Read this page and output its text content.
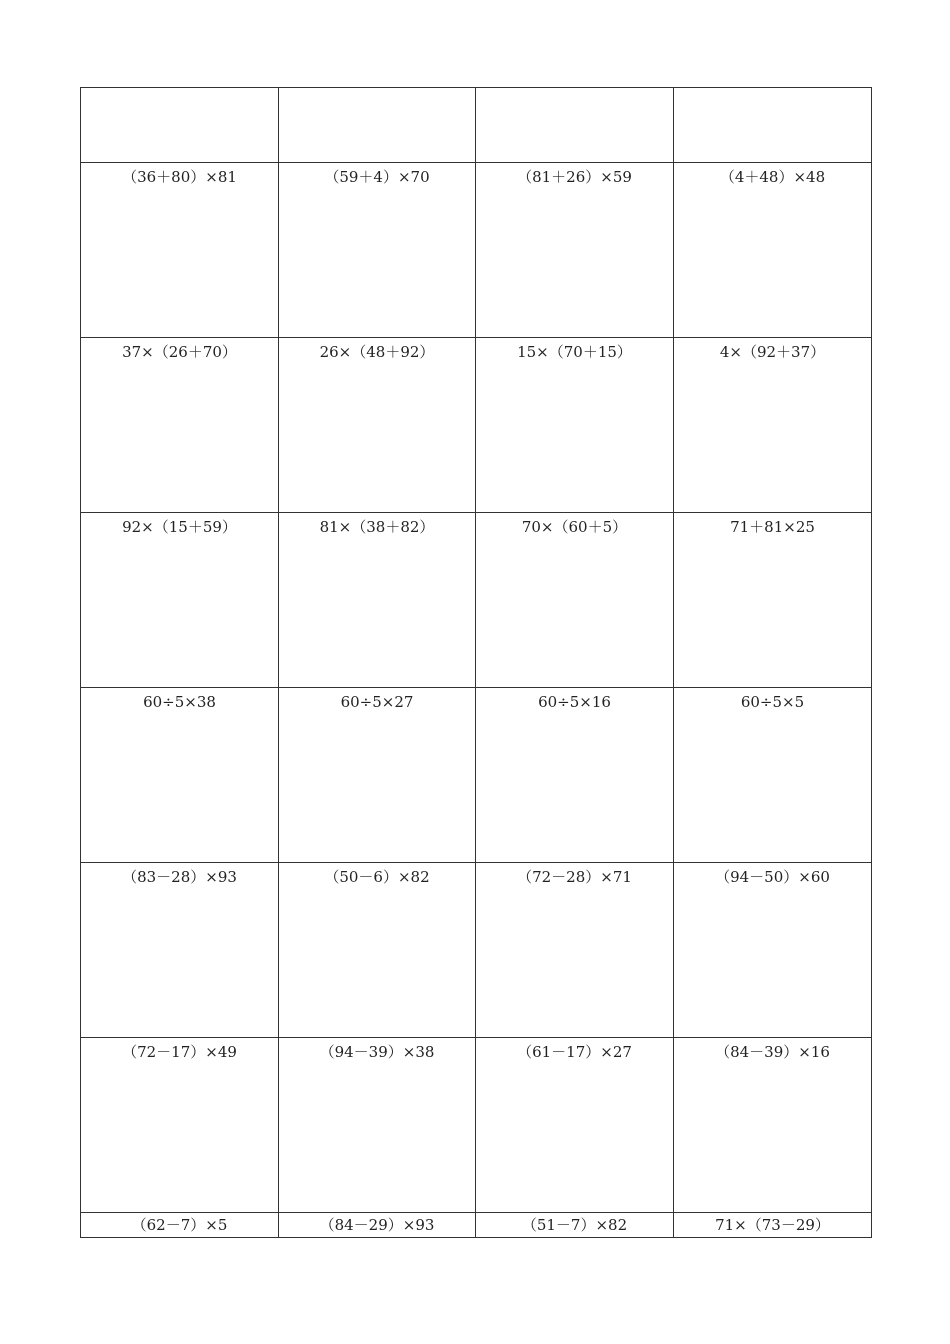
（36＋80）×81	（59＋4）×70	（81＋26）×59	（4＋48）×48

37×（26＋70）	26×（48＋92）	15×（70＋15）	4×（92＋37）

92×（15＋59）	81×（38＋82）	70×（60＋5）	71＋81×25

60÷5×38	60÷5×27	60÷5×16	60÷5×5

（83－28）×93	（50－6）×82	（72－28）×71	（94－50）×60

（72－17）×49	（94－39）×38	（61－17）×27	（84－39）×16

（62－7）×5	（84－29）×93	（51－7）×82	71×（73－29）
